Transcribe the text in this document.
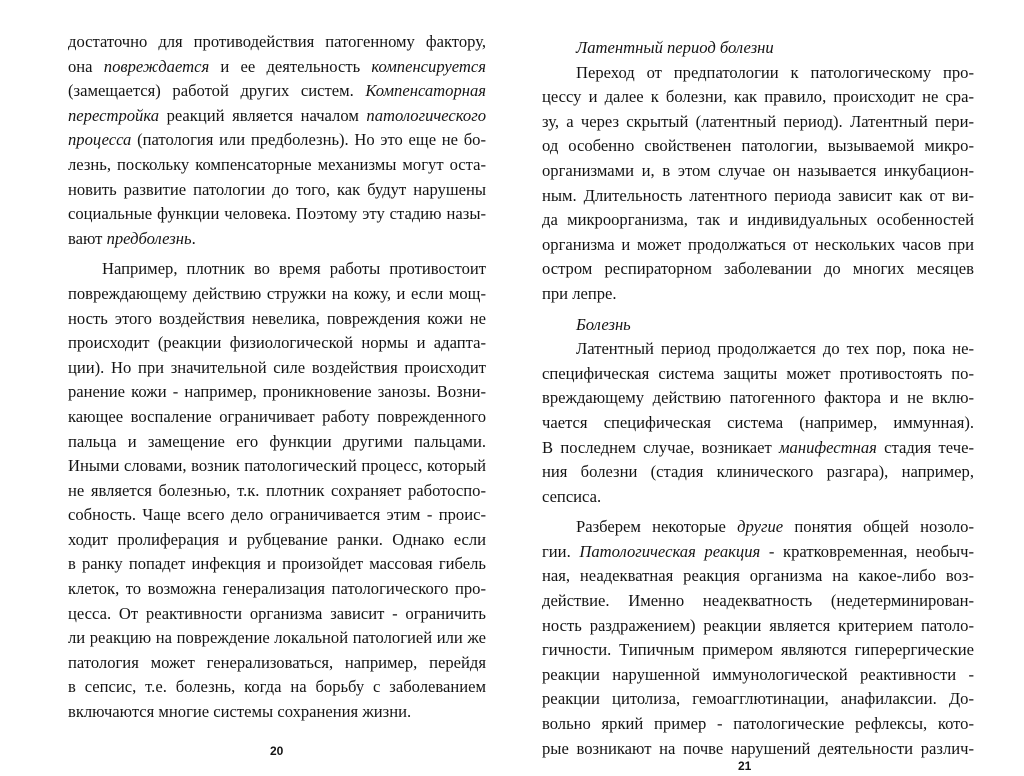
достаточно для противодействия патогенному фактору,
она повреждается и ее деятельность компенсируется
(замещается) работой других систем. Компенсаторная
перестройка реакций является началом патологического
процесса (патология или предболезнь). Но это еще не бо-
лезнь, поскольку компенсаторные механизмы могут оста-
новить развитие патологии до того, как будут нарушены
социальные функции человека. Поэтому эту стадию назы-
вают предболезнь.
Например, плотник во время работы противостоит
повреждающему действию стружки на кожу, и если мощ-
ность этого воздействия невелика, повреждения кожи не
происходит (реакции физиологической нормы и адапта-
ции). Но при значительной силе воздействия происходит
ранение кожи - например, проникновение занозы. Возни-
кающее воспаление ограничивает работу поврежденного
пальца и замещение его функции другими пальцами.
Иными словами, возник патологический процесс, который
не является болезнью, т.к. плотник сохраняет работоспо-
собность. Чаще всего дело ограничивается этим - проис-
ходит пролиферация и рубцевание ранки. Однако если
в ранку попадет инфекция и произойдет массовая гибель
клеток, то возможна генерализация патологического про-
цесса. От реактивности организма зависит - ограничить
ли реакцию на повреждение локальной патологией или же
патология может генерализоваться, например, перейдя
в сепсис, т.е. болезнь, когда на борьбу с заболеванием
включаются многие системы сохранения жизни.
20
Латентный период болезни
Переход от предпатологии к патологическому про-
цессу и далее к болезни, как правило, происходит не сра-
зу, а через скрытый (латентный период). Латентный пери-
од особенно свойственен патологии, вызываемой микро-
организмами и, в этом случае он называется инкубацион-
ным. Длительность латентного периода зависит как от ви-
да микроорганизма, так и индивидуальных особенностей
организма и может продолжаться от нескольких часов при
остром респираторном заболевании до многих месяцев
при лепре.
Болезнь
Латентный период продолжается до тех пор, пока не-
специфическая система защиты может противостоять по-
вреждающему действию патогенного фактора и не вклю-
чается специфическая система (например, иммунная).
В последнем случае, возникает манифестная стадия тече-
ния болезни (стадия клинического разгара), например,
сепсиса.
Разберем некоторые другие понятия общей нозоло-
гии. Патологическая реакция - кратковременная, необыч-
ная, неадекватная реакция организма на какое-либо воз-
действие. Именно неадекватность (недетерминирован-
ность раздражением) реакции является критерием патоло-
гичности. Типичным примером являются гиперергические
реакции нарушенной иммунологической реактивности -
реакции цитолиза, гемоагглютинации, анафилаксии. До-
вольно яркий пример - патологические рефлексы, кото-
рые возникают на почве нарушений деятельности различ-
21
